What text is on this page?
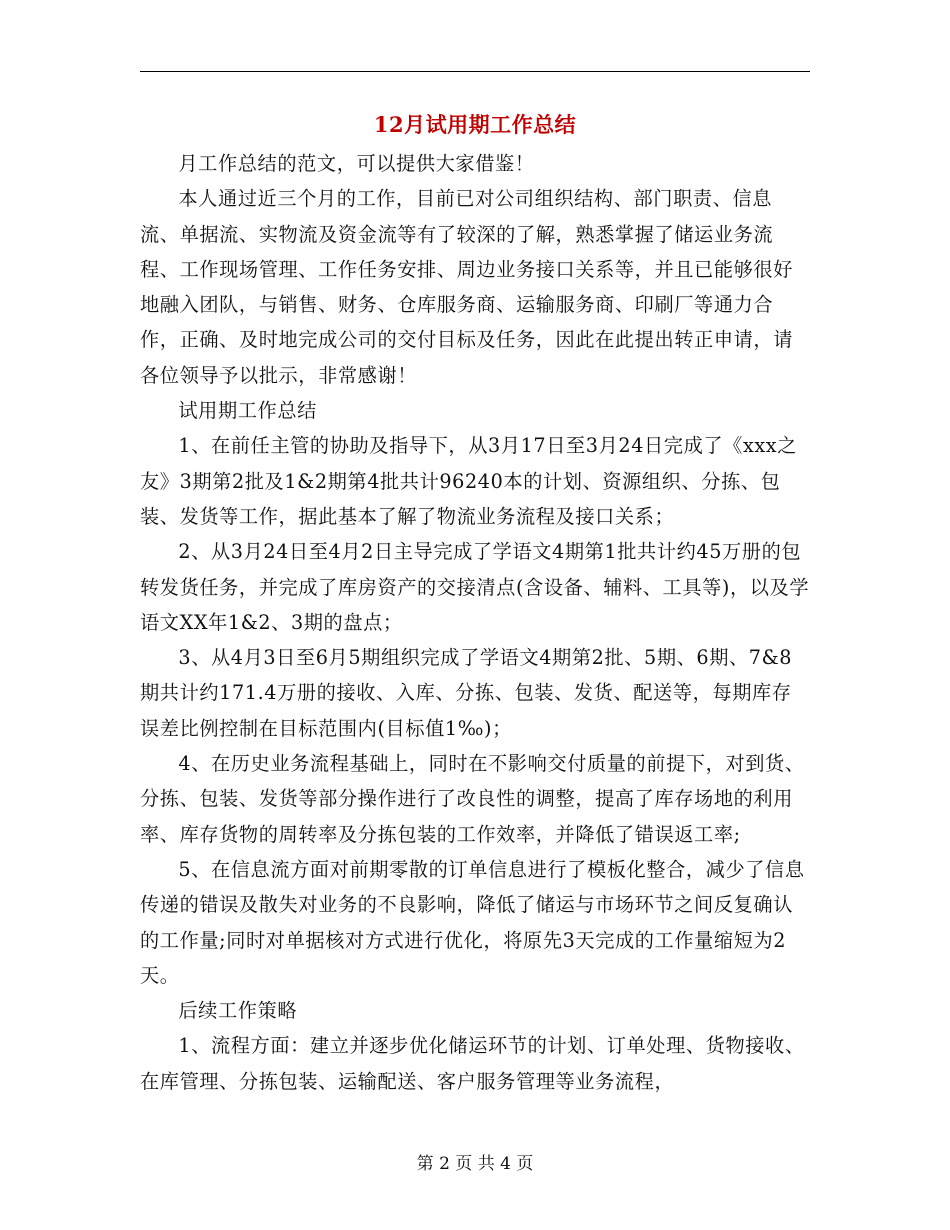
12月试用期工作总结

月工作总结的范文，可以提供大家借鉴！

本人通过近三个月的工作，目前已对公司组织结构、部门职责、信息流、单据流、实物流及资金流等有了较深的了解，熟悉掌握了储运业务流程、工作现场管理、工作任务安排、周边业务接口关系等，并且已能够很好地融入团队，与销售、财务、仓库服务商、运输服务商、印刷厂等通力合作，正确、及时地完成公司的交付目标及任务，因此在此提出转正申请，请各位领导予以批示，非常感谢！

试用期工作总结

1、在前任主管的协助及指导下，从3月17日至3月24日完成了《xxx之友》3期第2批及1&2期第4批共计96240本的计划、资源组织、分拣、包装、发货等工作，据此基本了解了物流业务流程及接口关系；

2、从3月24日至4月2日主导完成了学语文4期第1批共计约45万册的包转发货任务，并完成了库房资产的交接清点(含设备、辅料、工具等)，以及学语文XX年1&2、3期的盘点；

3、从4月3日至6月5期组织完成了学语文4期第2批、5期、6期、7&8期共计约171.4万册的接收、入库、分拣、包装、发货、配送等，每期库存误差比例控制在目标范围内(目标值1‰)；

4、在历史业务流程基础上，同时在不影响交付质量的前提下，对到货、分拣、包装、发货等部分操作进行了改良性的调整，提高了库存场地的利用率、库存货物的周转率及分拣包装的工作效率，并降低了错误返工率;

5、在信息流方面对前期零散的订单信息进行了模板化整合，减少了信息传递的错误及散失对业务的不良影响，降低了储运与市场环节之间反复确认的工作量;同时对单据核对方式进行优化，将原先3天完成的工作量缩短为2天。

后续工作策略

1、流程方面：建立并逐步优化储运环节的计划、订单处理、货物接收、在库管理、分拣包装、运输配送、客户服务管理等业务流程，

第 2 页 共 4 页
